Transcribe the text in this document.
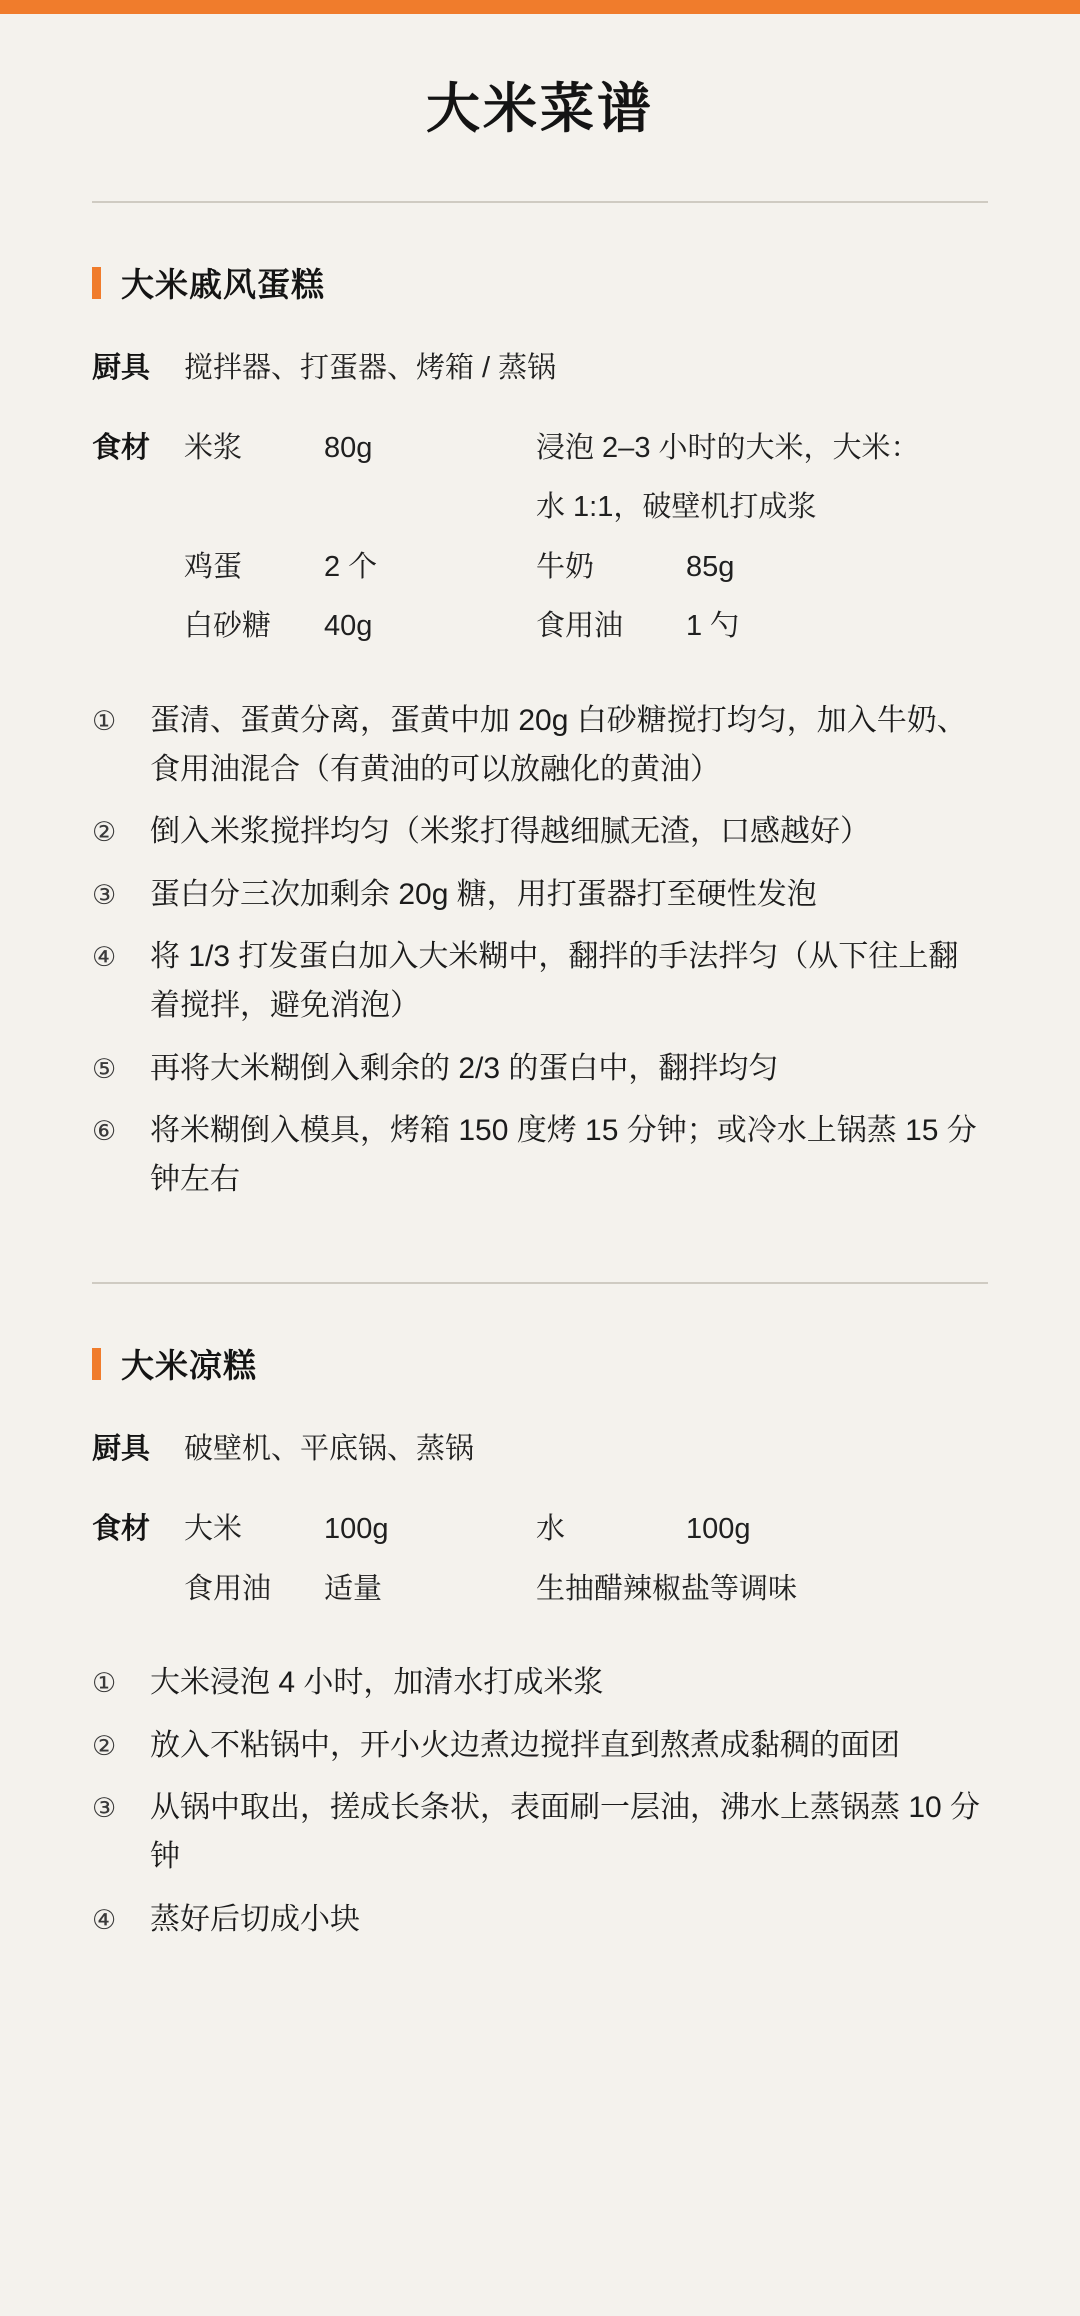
大米菜谱
大米戚风蛋糕
厨具	搅拌器、打蛋器、烤箱 / 蒸锅
食材	米浆	80g	浸泡 2–3 小时的大米，大米：
水 1:1，破壁机打成浆
鸡蛋	2 个	牛奶	85g
白砂糖	40g	食用油	1 勺
①	蛋清、蛋黄分离，蛋黄中加 20g 白砂糖搅打均匀，加入牛奶、食用油混合（有黄油的可以放融化的黄油）
②	倒入米浆搅拌均匀（米浆打得越细腻无渣，口感越好）
③	蛋白分三次加剩余 20g 糖，用打蛋器打至硬性发泡
④	将 1/3 打发蛋白加入大米糊中，翻拌的手法拌匀（从下往上翻着搅拌，避免消泡）
⑤	再将大米糊倒入剩余的 2/3 的蛋白中，翻拌均匀
⑥	将米糊倒入模具，烤箱 150 度烤 15 分钟；或冷水上锅蒸 15 分钟左右
大米凉糕
厨具	破壁机、平底锅、蒸锅
食材	大米	100g	水	100g
食用油	适量	生抽醋辣椒盐等调味
①	大米浸泡 4 小时，加清水打成米浆
②	放入不粘锅中，开小火边煮边搅拌直到熬煮成黏稠的面团
③	从锅中取出，搓成长条状，表面刷一层油，沸水上蒸锅蒸 10 分钟
④	蒸好后切成小块
